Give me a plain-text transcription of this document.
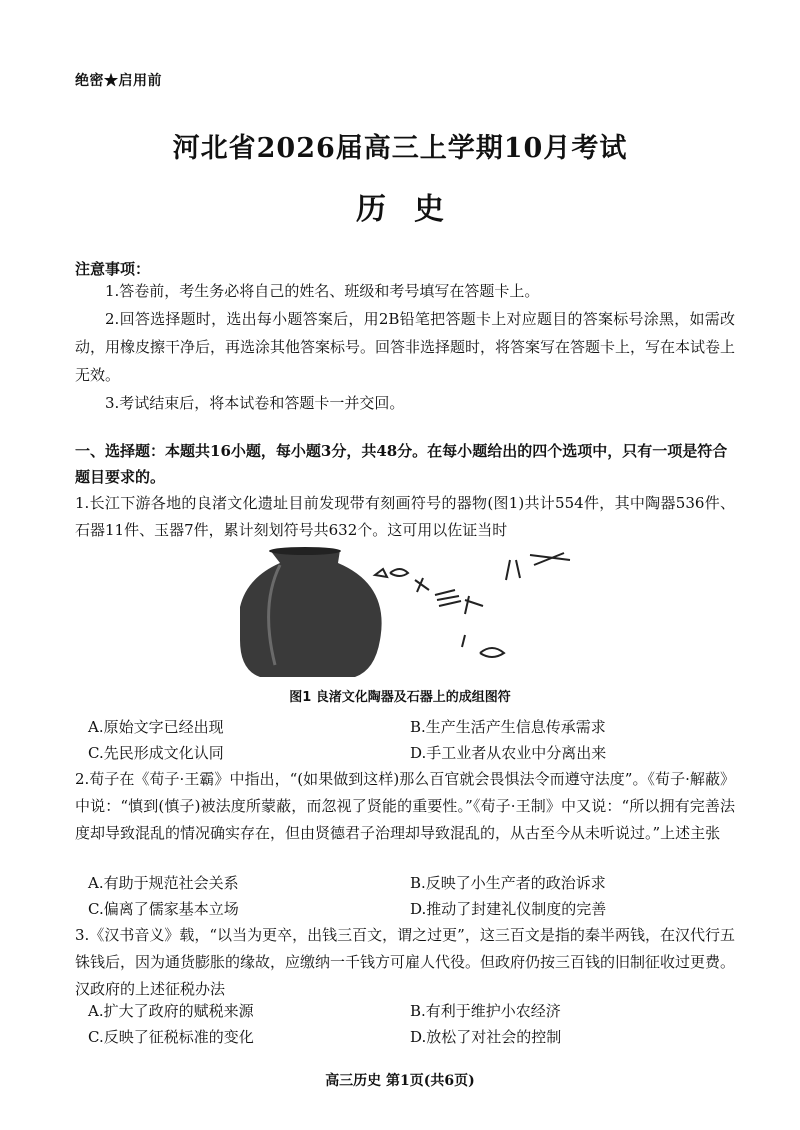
绝密★启用前
河北省2026届高三上学期10月考试
历史
注意事项：
1.答卷前，考生务必将自己的姓名、班级和考号填写在答题卡上。
2.回答选择题时，选出每小题答案后，用2B铅笔把答题卡上对应题目的答案标号涂黑，如需改动，用橡皮擦干净后，再选涂其他答案标号。回答非选择题时，将答案写在答题卡上，写在本试卷上无效。
3.考试结束后，将本试卷和答题卡一并交回。
一、选择题：本题共16小题，每小题3分，共48分。在每小题给出的四个选项中，只有一项是符合题目要求的。
1.长江下游各地的良渚文化遗址目前发现带有刻画符号的器物(图1)共计554件，其中陶器536件、石器11件、玉器7件，累计刻划符号共632个。这可用以佐证当时
图1 良渚文化陶器及石器上的成组图符
A.原始文字已经出现	B.生产生活产生信息传承需求
C.先民形成文化认同	D.手工业者从农业中分离出来
2.荀子在《荀子·王霸》中指出，“(如果做到这样)那么百官就会畏惧法令而遵守法度”。《荀子·解蔽》中说：“慎到(慎子)被法度所蒙蔽，而忽视了贤能的重要性。”《荀子·王制》中又说：“所以拥有完善法度却导致混乱的情况确实存在，但由贤德君子治理却导致混乱的，从古至今从未听说过。”上述主张
A.有助于规范社会关系	B.反映了小生产者的政治诉求
C.偏离了儒家基本立场	D.推动了封建礼仪制度的完善
3.《汉书音义》载，“以当为更卒，出钱三百文，谓之过更”，这三百文是指的秦半两钱，在汉代行五铢钱后，因为通货膨胀的缘故，应缴纳一千钱方可雇人代役。但政府仍按三百钱的旧制征收过更费。汉政府的上述征税办法
A.扩大了政府的赋税来源	B.有利于维护小农经济
C.反映了征税标准的变化	D.放松了对社会的控制
高三历史 第1页(共6页)
